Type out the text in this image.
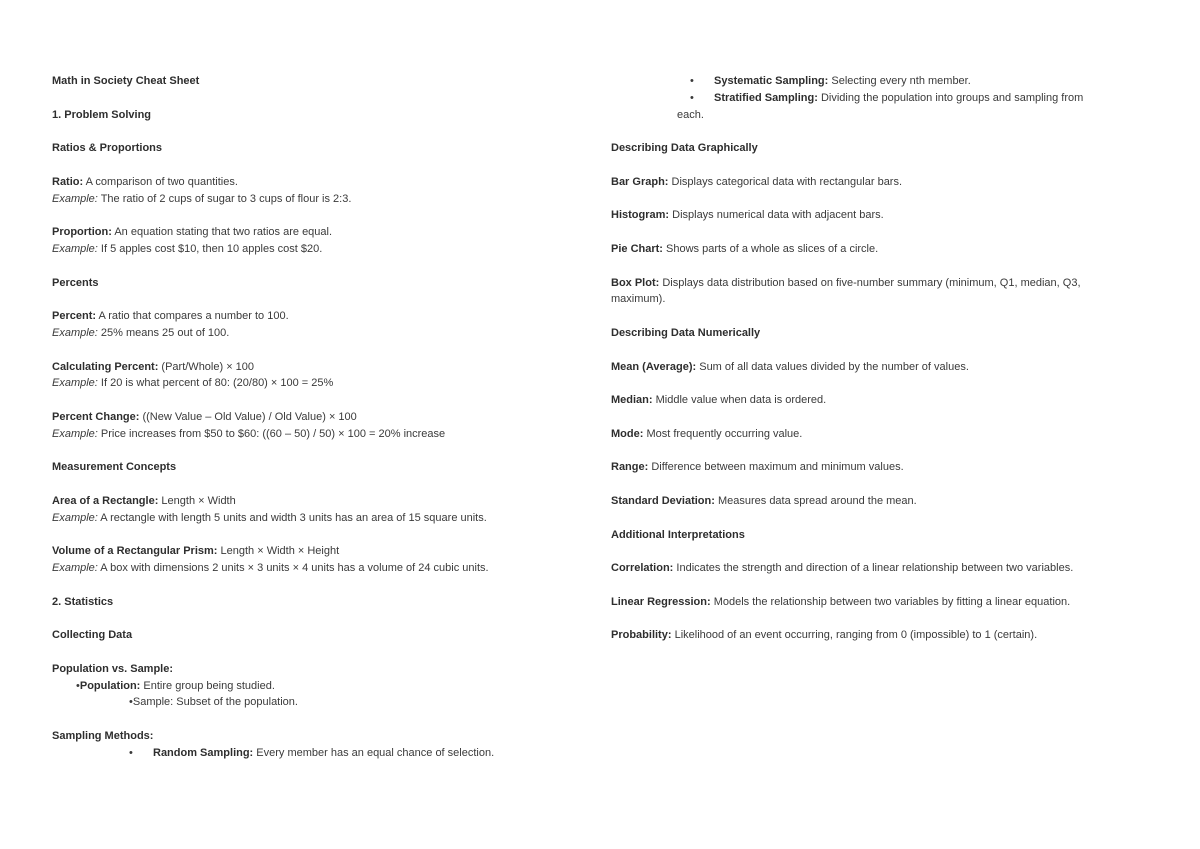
Math in Society Cheat Sheet
1. Problem Solving
Ratios & Proportions
Ratio: A comparison of two quantities.
Example: The ratio of 2 cups of sugar to 3 cups of flour is 2:3.
Proportion: An equation stating that two ratios are equal.
Example: If 5 apples cost $10, then 10 apples cost $20.
Percents
Percent: A ratio that compares a number to 100.
Example: 25% means 25 out of 100.
Calculating Percent: (Part/Whole) × 100
Example: If 20 is what percent of 80: (20/80) × 100 = 25%
Percent Change: ((New Value – Old Value) / Old Value) × 100
Example: Price increases from $50 to $60: ((60 – 50) / 50) × 100 = 20% increase
Measurement Concepts
Area of a Rectangle: Length × Width
Example: A rectangle with length 5 units and width 3 units has an area of 15 square units.
Volume of a Rectangular Prism: Length × Width × Height
Example: A box with dimensions 2 units × 3 units × 4 units has a volume of 24 cubic units.
2. Statistics
Collecting Data
Population vs. Sample:
•Population: Entire group being studied.
•Sample: Subset of the population.
Sampling Methods:
• Random Sampling: Every member has an equal chance of selection.
• Systematic Sampling: Selecting every nth member.
• Stratified Sampling: Dividing the population into groups and sampling from
each.
Describing Data Graphically
Bar Graph: Displays categorical data with rectangular bars.
Histogram: Displays numerical data with adjacent bars.
Pie Chart: Shows parts of a whole as slices of a circle.
Box Plot: Displays data distribution based on five-number summary (minimum, Q1, median, Q3,
maximum).
Describing Data Numerically
Mean (Average): Sum of all data values divided by the number of values.
Median: Middle value when data is ordered.
Mode: Most frequently occurring value.
Range: Difference between maximum and minimum values.
Standard Deviation: Measures data spread around the mean.
Additional Interpretations
Correlation: Indicates the strength and direction of a linear relationship between two variables.
Linear Regression: Models the relationship between two variables by fitting a linear equation.
Probability: Likelihood of an event occurring, ranging from 0 (impossible) to 1 (certain).
